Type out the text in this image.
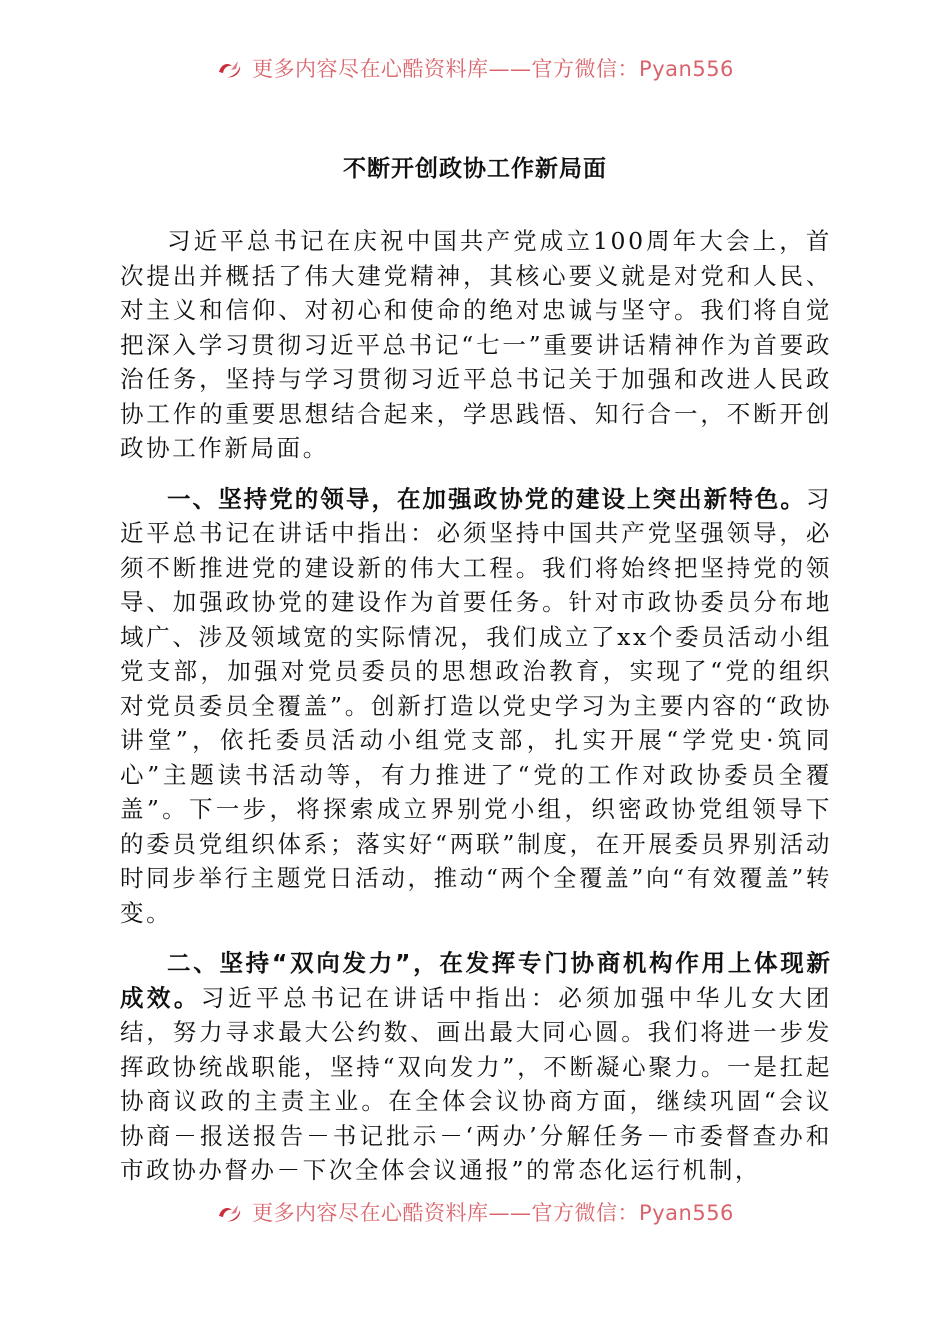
更多内容尽在心酷资料库——官方微信：Pyan556
不断开创政协工作新局面

习近平总书记在庆祝中国共产党成立100周年大会上，首次提出并概括了伟大建党精神，其核心要义就是对党和人民、对主义和信仰、对初心和使命的绝对忠诚与坚守。我们将自觉把深入学习贯彻习近平总书记“七一”重要讲话精神作为首要政治任务，坚持与学习贯彻习近平总书记关于加强和改进人民政协工作的重要思想结合起来，学思践悟、知行合一，不断开创政协工作新局面。

一、坚持党的领导，在加强政协党的建设上突出新特色。习近平总书记在讲话中指出：必须坚持中国共产党坚强领导，必须不断推进党的建设新的伟大工程。我们将始终把坚持党的领导、加强政协党的建设作为首要任务。针对市政协委员分布地域广、涉及领域宽的实际情况，我们成立了xx个委员活动小组党支部，加强对党员委员的思想政治教育，实现了“党的组织对党员委员全覆盖”。创新打造以党史学习为主要内容的“政协讲堂”，依托委员活动小组党支部，扎实开展“学党史·筑同心”主题读书活动等，有力推进了“党的工作对政协委员全覆盖”。下一步，将探索成立界别党小组，织密政协党组领导下的委员党组织体系；落实好“两联”制度，在开展委员界别活动时同步举行主题党日活动，推动“两个全覆盖”向“有效覆盖”转变。

二、坚持“双向发力”，在发挥专门协商机构作用上体现新成效。习近平总书记在讲话中指出：必须加强中华儿女大团结，努力寻求最大公约数、画出最大同心圆。我们将进一步发挥政协统战职能，坚持“双向发力”，不断凝心聚力。一是扛起协商议政的主责主业。在全体会议协商方面，继续巩固“会议协商－报送报告－书记批示－‘两办’分解任务－市委督查办和市政协办督办－下次全体会议通报”的常态化运行机制，

更多内容尽在心酷资料库——官方微信：Pyan556
